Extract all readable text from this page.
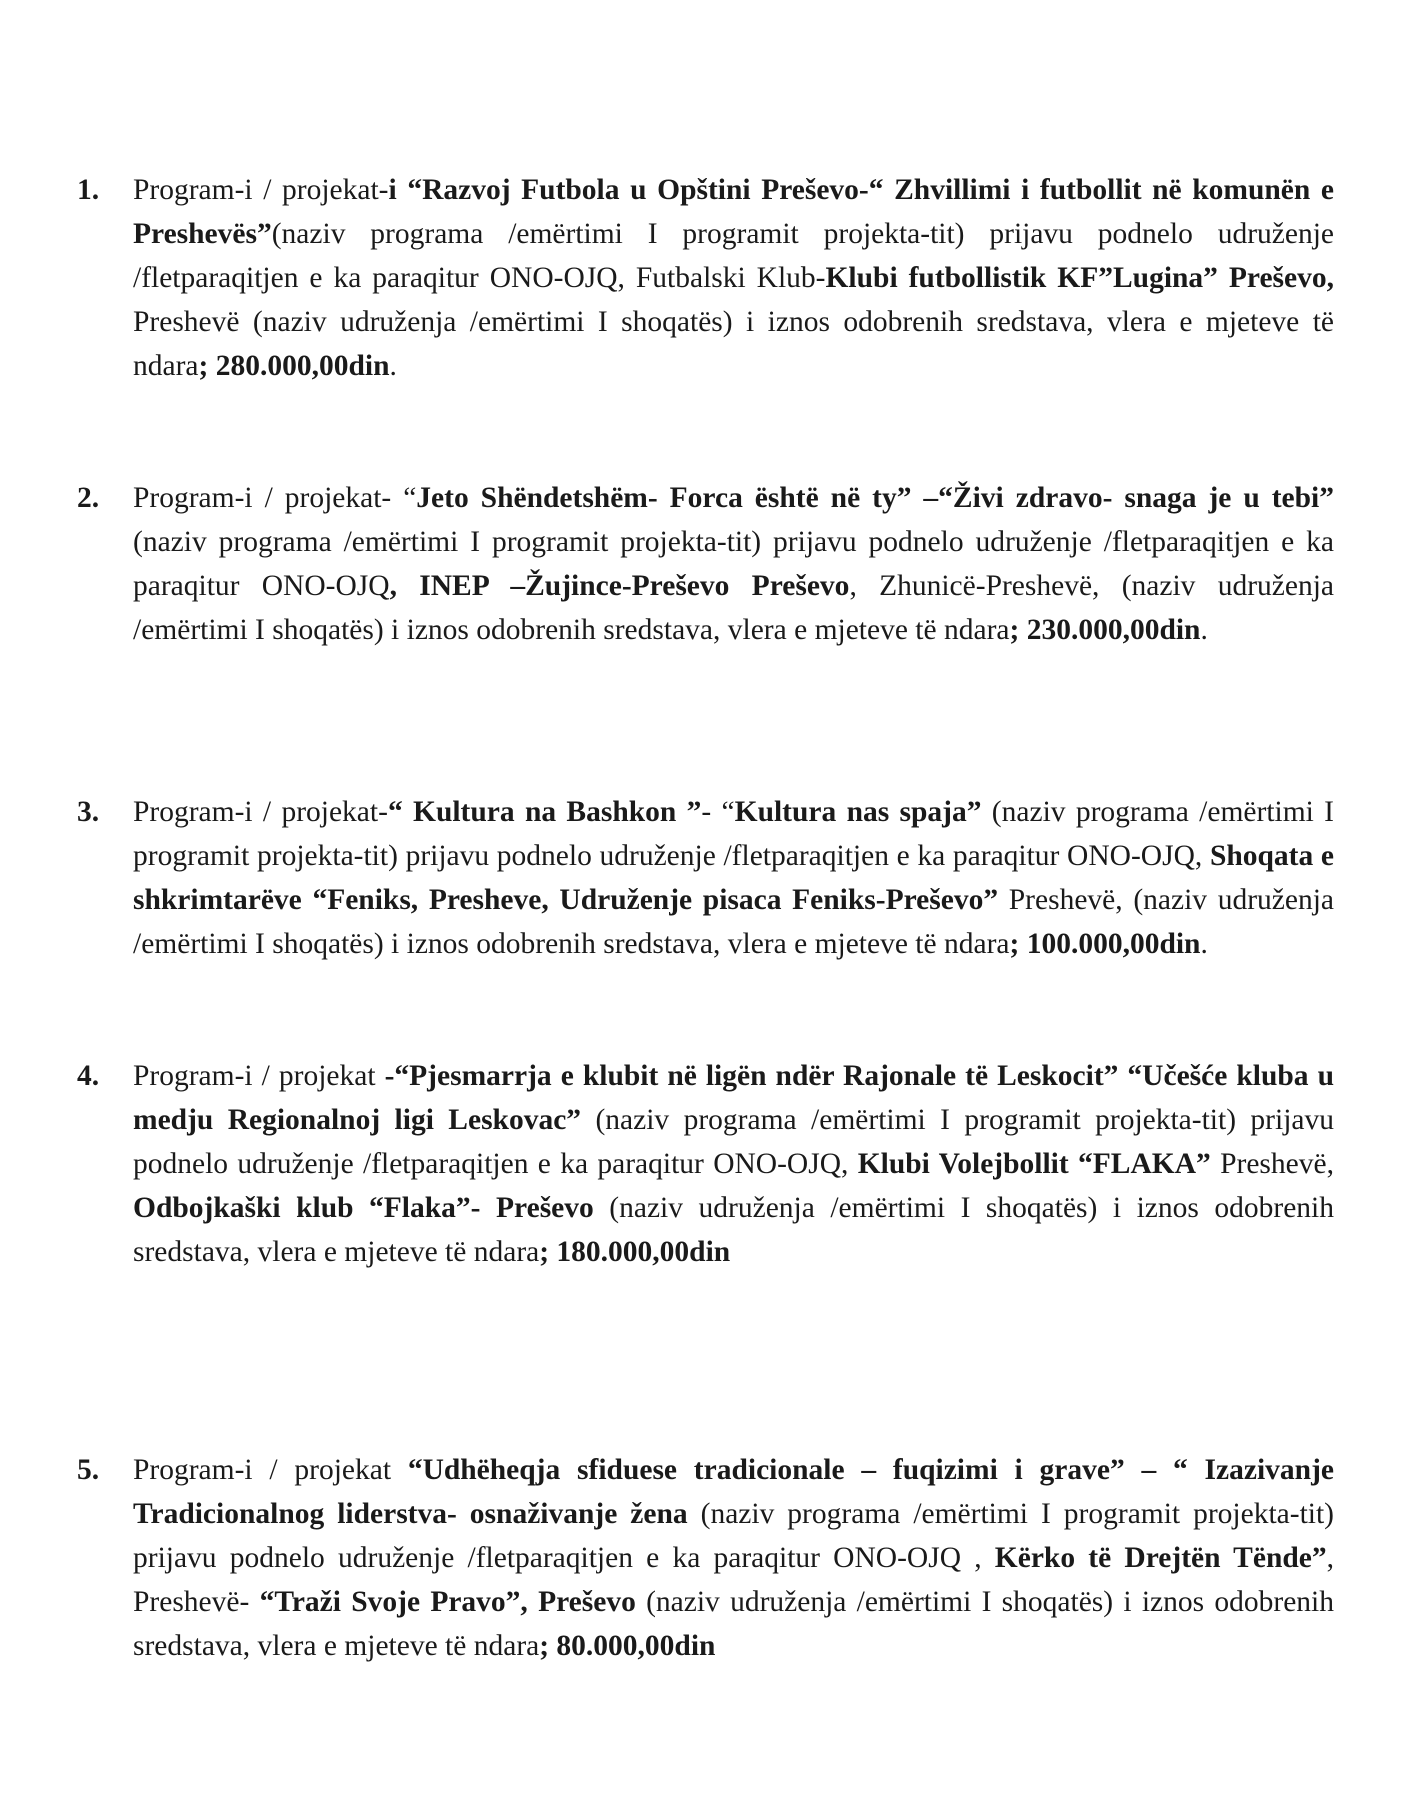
1. Program-i / projekat-i “Razvoj Futbola u Opštini Preševo-“ Zhvillimi i futbollit në komunën e Preshevës”(naziv programa /emërtimi I programit projekta-tit) prijavu podnelo udruženje /fletparaqitjen e ka paraqitur ONO-OJQ, Futbalski Klub-Klubi futbollistik KF”Lugina” Preševo, Preshevë (naziv udruženja /emërtimi I shoqatës) i iznos odobrenih sredstava, vlera e mjeteve të ndara; 280.000,00din.
2. Program-i / projekat- “Jeto Shëndetshëm- Forca është në ty” –“Živi zdravo- snaga je u tebi” (naziv programa /emërtimi I programit projekta-tit) prijavu podnelo udruženje /fletparaqitjen e ka paraqitur ONO-OJQ, INEP –Žujince-Preševo Preševo, Zhunicë-Preshevë, (naziv udruženja /emërtimi I shoqatës) i iznos odobrenih sredstava, vlera e mjeteve të ndara; 230.000,00din.
3. Program-i / projekat-“ Kultura na Bashkon ”- “Kultura nas spaja” (naziv programa /emërtimi I programit projekta-tit) prijavu podnelo udruženje /fletparaqitjen e ka paraqitur ONO-OJQ, Shoqata e shkrimtarëve “Feniks, Presheve, Udruženje pisaca Feniks-Preševo” Preshevë, (naziv udruženja /emërtimi I shoqatës) i iznos odobrenih sredstava, vlera e mjeteve të ndara; 100.000,00din.
4. Program-i / projekat -“Pjesmarrja e klubit në ligën ndër Rajonale të Leskocit” “Učešće kluba u medju Regionalnoj ligi Leskovac” (naziv programa /emërtimi I programit projekta-tit) prijavu podnelo udruženje /fletparaqitjen e ka paraqitur ONO-OJQ, Klubi Volejbollit “FLAKA” Preshevë, Odbojkaški klub “Flaka”- Preševo (naziv udruženja /emërtimi I shoqatës) i iznos odobrenih sredstava, vlera e mjeteve të ndara; 180.000,00din
5. Program-i / projekat “Udhëheqja sfiduese tradicionale – fuqizimi i grave” – “ Izazivanje Tradicionalnog liderstva- osnaživanje žena (naziv programa /emërtimi I programit projekta-tit) prijavu podnelo udruženje /fletparaqitjen e ka paraqitur ONO-OJQ , Kërko të Drejtën Tënde”, Preshevë- “Traži Svoje Pravo”, Preševo (naziv udruženja /emërtimi I shoqatës) i iznos odobrenih sredstava, vlera e mjeteve të ndara; 80.000,00din
